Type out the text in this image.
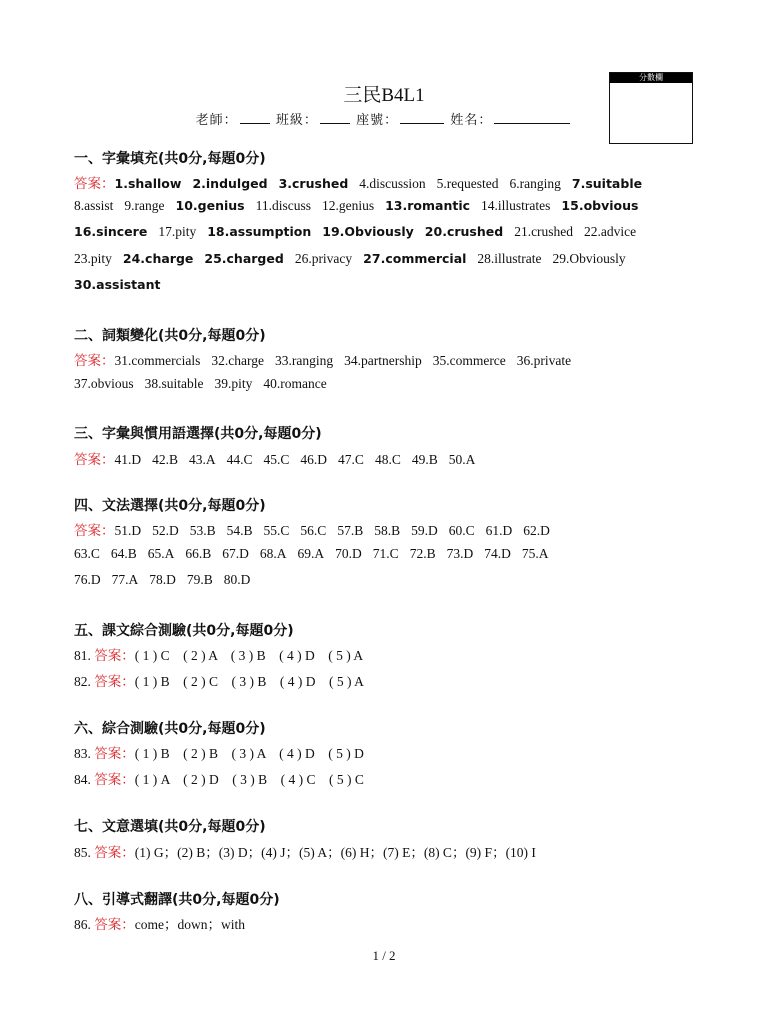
三民B4L1
老師：	班級：	座號：	姓名：
分數欄
一、字彙填充(共0分,每題0分)
答案：1.shallow 2.indulged 3.crushed 4.discussion 5.requested 6.ranging 7.suitable
8.assist 9.range 10.genius 11.discuss 12.genius 13.romantic 14.illustrates 15.obvious
16.sincere 17.pity 18.assumption 19.Obviously 20.crushed 21.crushed 22.advice
23.pity 24.charge 25.charged 26.privacy 27.commercial 28.illustrate 29.Obviously
30.assistant
二、詞類變化(共0分,每題0分)
答案：31.commercials 32.charge 33.ranging 34.partnership 35.commerce 36.private
37.obvious 38.suitable 39.pity 40.romance
三、字彙與慣用語選擇(共0分,每題0分)
答案：41.D 42.B 43.A 44.C 45.C 46.D 47.C 48.C 49.B 50.A
四、文法選擇(共0分,每題0分)
答案：51.D 52.D 53.B 54.B 55.C 56.C 57.B 58.B 59.D 60.C 61.D 62.D
63.C 64.B 65.A 66.B 67.D 68.A 69.A 70.D 71.C 72.B 73.D 74.D 75.A
76.D 77.A 78.D 79.B 80.D
五、課文綜合測驗(共0分,每題0分)
81. 答案：( 1 ) C　( 2 ) A　( 3 ) B　( 4 ) D　( 5 ) A
82. 答案：( 1 ) B　( 2 ) C　( 3 ) B　( 4 ) D　( 5 ) A
六、綜合測驗(共0分,每題0分)
83. 答案：( 1 ) B　( 2 ) B　( 3 ) A　( 4 ) D　( 5 ) D
84. 答案：( 1 ) A　( 2 ) D　( 3 ) B　( 4 ) C　( 5 ) C
七、文意選填(共0分,每題0分)
85. 答案：(1) G；(2) B；(3) D；(4) J；(5) A；(6) H；(7) E；(8) C；(9) F；(10) I
八、引導式翻譯(共0分,每題0分)
86. 答案：come；down；with
1 / 2
